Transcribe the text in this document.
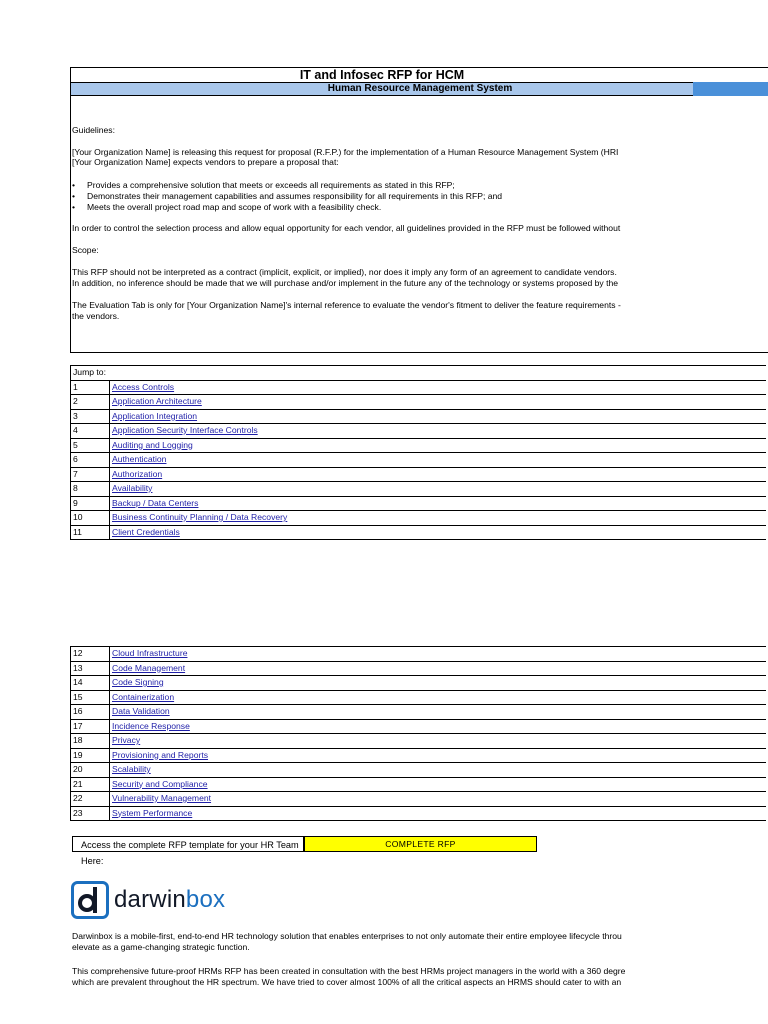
IT and Infosec RFP for HCM
Human Resource Management System
Guidelines:
[Your Organization Name] is releasing this request for proposal (R.F.P.) for the implementation of a Human Resource Management System (HRI
[Your Organization Name] expects vendors to prepare a proposal that:
• Provides a comprehensive solution that meets or exceeds all requirements as stated in this RFP;
• Demonstrates their management capabilities and assumes responsibility for all requirements in this RFP; and
• Meets the overall project road map and scope of work with a feasibility check.
In order to control the selection process and allow equal opportunity for each vendor, all guidelines provided in the RFP must be followed without
Scope:
This RFP should not be interpreted as a contract (implicit, explicit, or implied), nor does it imply any form of an agreement to candidate vendors.
In addition, no inference should be made that we will purchase and/or implement in the future any of the technology or systems proposed by the
The Evaluation Tab is only for [Your Organization Name]'s internal reference to evaluate the vendor's fitment to deliver the feature requirements -
the vendors.
Jump to:	
1	Access Controls
2	Application Architecture
3	Application Integration
4	Application Security Interface Controls
5	Auditing and Logging
6	Authentication
7	Authorization
8	Availability
9	Backup / Data Centers
10	Business Continuity Planning / Data Recovery
11	Client Credentials
12	Cloud Infrastructure
13	Code Management
14	Code Signing
15	Containerization
16	Data Validation
17	Incidence Response
18	Privacy
19	Provisioning and Reports
20	Scalability
21	Security and Compliance
22	Vulnerability Management
23	System Performance
Access the complete RFP template for your HR Team Here:
COMPLETE RFP
darwinbox
Darwinbox is a mobile-first, end-to-end HR technology solution that enables enterprises to not only automate their entire employee lifecycle throu
elevate as a game-changing strategic function.
This comprehensive future-proof HRMs RFP has been created in consultation with the best HRMs project managers in the world with a 360 degre
which are prevalent throughout the HR spectrum. We have tried to cover almost 100% of all the critical aspects an HRMS should cater to with an
